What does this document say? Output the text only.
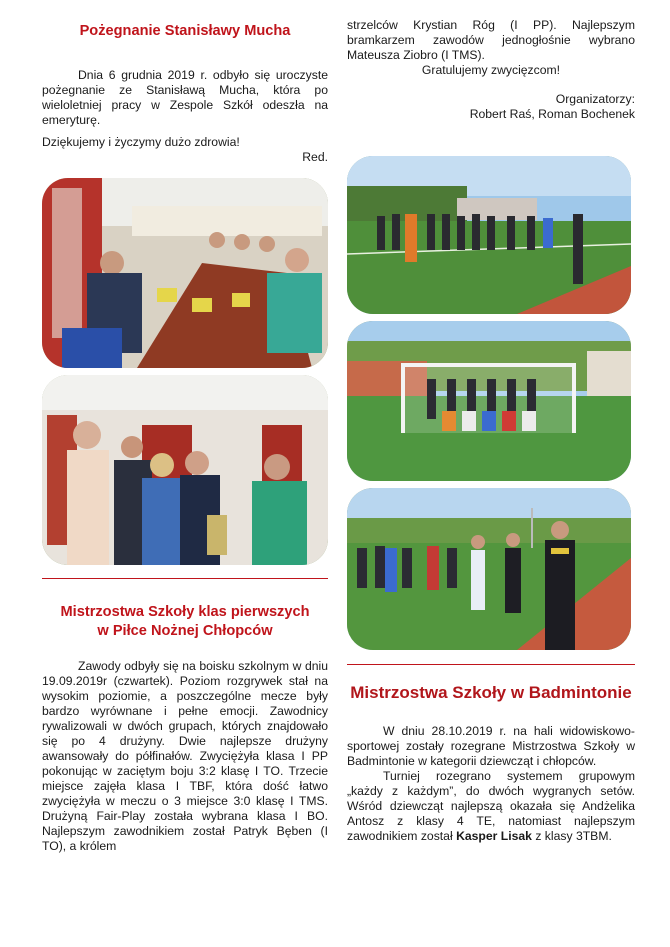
Pożegnanie Stanisławy Mucha

Dnia 6 grudnia 2019 r. odbyło się uroczyste pożegnanie ze Stanisławą Mucha, która po wieloletniej pracy w Zespole Szkół odeszła na emeryturę.

Dziękujemy i życzymy dużo zdrowia!

Red.

Mistrzostwa Szkoły klas pierwszych
w Piłce Nożnej Chłopców

Zawody odbyły się na boisku szkolnym w dniu 19.09.2019r (czwartek). Poziom rozgrywek stał na wysokim poziomie, a poszczególne mecze były bardzo wyrównane i pełne emocji. Zawodnicy rywalizowali w dwóch grupach, których znajdowało się po 4 drużyny. Dwie najlepsze drużyny awansowały do półfinałów. Zwyciężyła klasa I PP pokonując w zaciętym boju 3:2 klasę I TO. Trzecie miejsce zajęła klasa I TBF, która dość łatwo zwyciężyła w meczu o 3 miejsce 3:0 klasę I TMS. Drużyną Fair-Play została wybrana klasa I BO. Najlepszym zawodnikiem został Patryk Bęben (I TO), a królem

strzelców Krystian Róg (I PP). Najlepszym bramkarzem zawodów jednogłośnie wybrano Mateusza Ziobro (I TMS).

Gratulujemy zwycięzcom!

Organizatorzy:

Robert Raś, Roman Bochenek

Mistrzostwa Szkoły w Badmintonie

W dniu 28.10.2019 r. na hali widowiskowo-sportowej zostały rozegrane Mistrzostwa Szkoły w Badmintonie w kategorii dziewcząt i chłopców.

Turniej rozegrano systemem grupowym „każdy z każdym”, do dwóch wygranych setów. Wśród dziewcząt najlepszą okazała się Andżelika Antosz z klasy 4 TE, natomiast najlepszym zawodnikiem został Kasper Lisak z klasy 3TBM.
